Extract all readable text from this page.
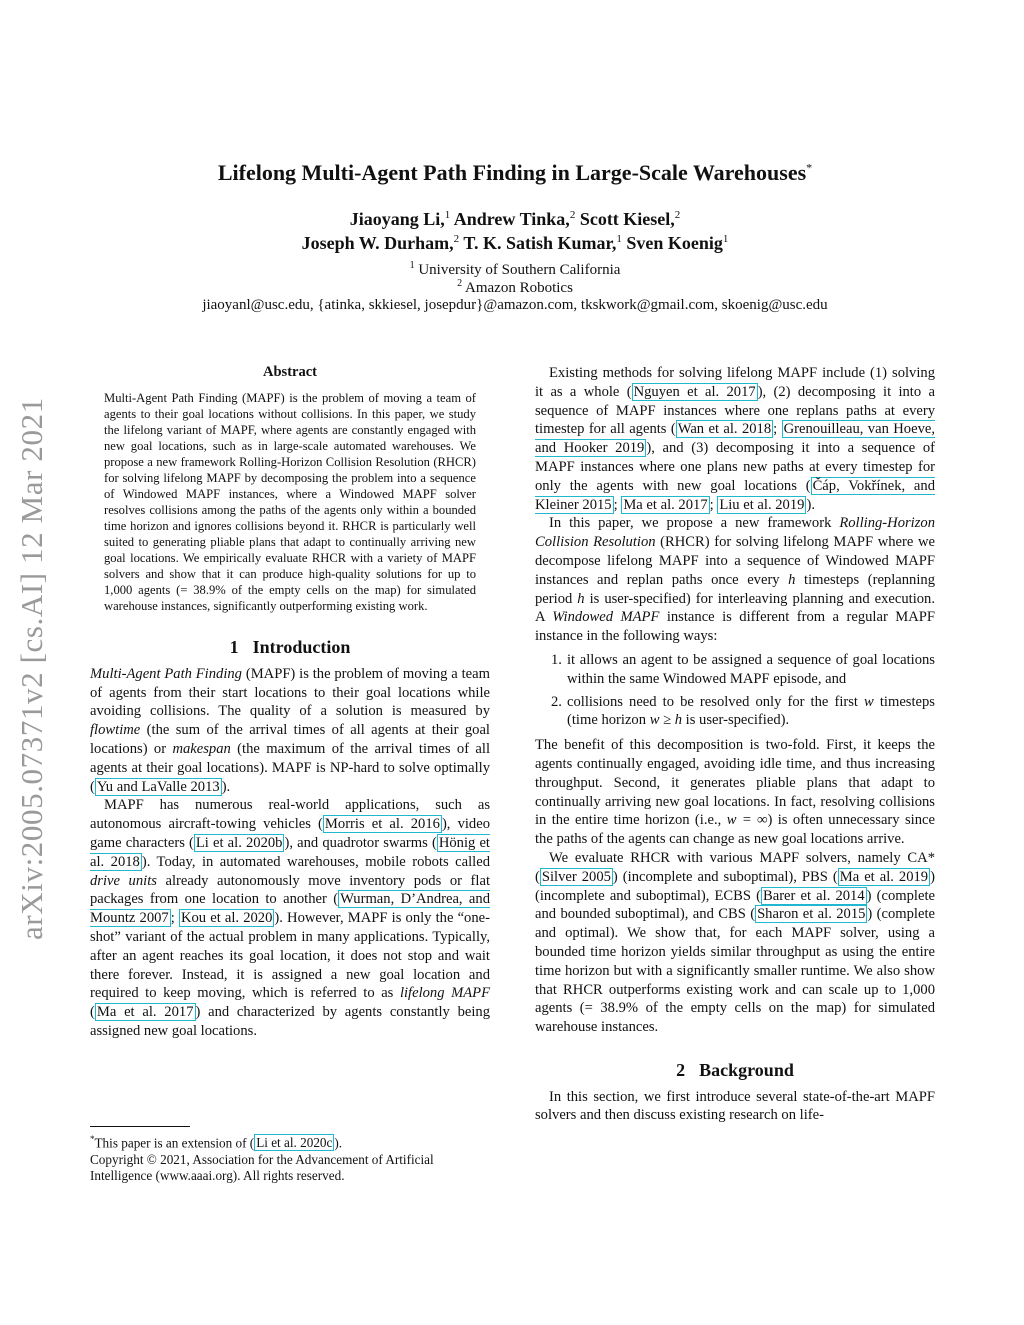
arXiv:2005.07371v2 [cs.AI] 12 Mar 2021
Lifelong Multi-Agent Path Finding in Large-Scale Warehouses*
Jiaoyang Li,$^1$ Andrew Tinka,$^2$ Scott Kiesel,$^2$
Joseph W. Durham,$^2$ T. K. Satish Kumar,$^1$ Sven Koenig$^1$
$^1$ University of Southern California
$^2$ Amazon Robotics
jiaoyanl@usc.edu, {atinka, skkiesel, josepdur}@amazon.com, tkskwork@gmail.com, skoenig@usc.edu
Abstract
Multi-Agent Path Finding (MAPF) is the problem of moving a team of agents to their goal locations without collisions. In this paper, we study the lifelong variant of MAPF, where agents are constantly engaged with new goal locations, such as in large-scale automated warehouses. We propose a new framework Rolling-Horizon Collision Resolution (RHCR) for solving lifelong MAPF by decomposing the problem into a sequence of Windowed MAPF instances, where a Windowed MAPF solver resolves collisions among the paths of the agents only within a bounded time horizon and ignores collisions beyond it. RHCR is particularly well suited to generating pliable plans that adapt to continually arriving new goal locations. We empirically evaluate RHCR with a variety of MAPF solvers and show that it can produce high-quality solutions for up to 1,000 agents (= 38.9% of the empty cells on the map) for simulated warehouse instances, significantly outperforming existing work.
1 Introduction

Multi-Agent Path Finding (MAPF) is the problem of moving a team of agents from their start locations to their goal locations while avoiding collisions. The quality of a solution is measured by flowtime (the sum of the arrival times of all agents at their goal locations) or makespan (the maximum of the arrival times of all agents at their goal locations). MAPF is NP-hard to solve optimally ( Yu and LaValle 2013 ).

MAPF has numerous real-world applications, such as autonomous aircraft-towing vehicles ( Morris et al. 2016 ), video game characters ( Li et al. 2020b ), and quadrotor swarms ( Hönig et al. 2018 ). Today, in automated warehouses, mobile robots called drive units already autonomously move inventory pods or flat packages from one location to another ( Wurman, D’Andrea, and Mountz 2007 ; Kou et al. 2020 ). However, MAPF is only the “one-shot” variant of the actual problem in many applications. Typically, after an agent reaches its goal location, it does not stop and wait there forever. Instead, it is assigned a new goal location and required to keep moving, which is referred to as lifelong MAPF ( Ma et al. 2017 ) and characterized by agents constantly being assigned new goal locations.

*This paper is an extension of ( Li et al. 2020c ).
Copyright © 2021, Association for the Advancement of Artificial Intelligence (www.aaai.org). All rights reserved.

Existing methods for solving lifelong MAPF include (1) solving it as a whole ( Nguyen et al. 2017 ), (2) decomposing it into a sequence of MAPF instances where one replans paths at every timestep for all agents ( Wan et al. 2018 ; Grenouilleau, van Hoeve, and Hooker 2019 ), and (3) decomposing it into a sequence of MAPF instances where one plans new paths at every timestep for only the agents with new goal locations ( Čáp, Vokřínek, and Kleiner 2015 ; Ma et al. 2017 ; Liu et al. 2019 ).

In this paper, we propose a new framework Rolling-Horizon Collision Resolution (RHCR) for solving lifelong MAPF where we decompose lifelong MAPF into a sequence of Windowed MAPF instances and replan paths once every h timesteps (replanning period h is user-specified) for interleaving planning and execution. A Windowed MAPF instance is different from a regular MAPF instance in the following ways:

1. it allows an agent to be assigned a sequence of goal locations within the same Windowed MAPF episode, and
2. collisions need to be resolved only for the first w timesteps (time horizon w ≥ h is user-specified).

The benefit of this decomposition is two-fold. First, it keeps the agents continually engaged, avoiding idle time, and thus increasing throughput. Second, it generates pliable plans that adapt to continually arriving new goal locations. In fact, resolving collisions in the entire time horizon (i.e., w = ∞) is often unnecessary since the paths of the agents can change as new goal locations arrive.

We evaluate RHCR with various MAPF solvers, namely CA* ( Silver 2005 ) (incomplete and suboptimal), PBS ( Ma et al. 2019 ) (incomplete and suboptimal), ECBS ( Barer et al. 2014 ) (complete and bounded suboptimal), and CBS ( Sharon et al. 2015 ) (complete and optimal). We show that, for each MAPF solver, using a bounded time horizon yields similar throughput as using the entire time horizon but with a significantly smaller runtime. We also show that RHCR outperforms existing work and can scale up to 1,000 agents (= 38.9% of the empty cells on the map) for simulated warehouse instances.

2 Background

In this section, we first introduce several state-of-the-art MAPF solvers and then discuss existing research on life-
